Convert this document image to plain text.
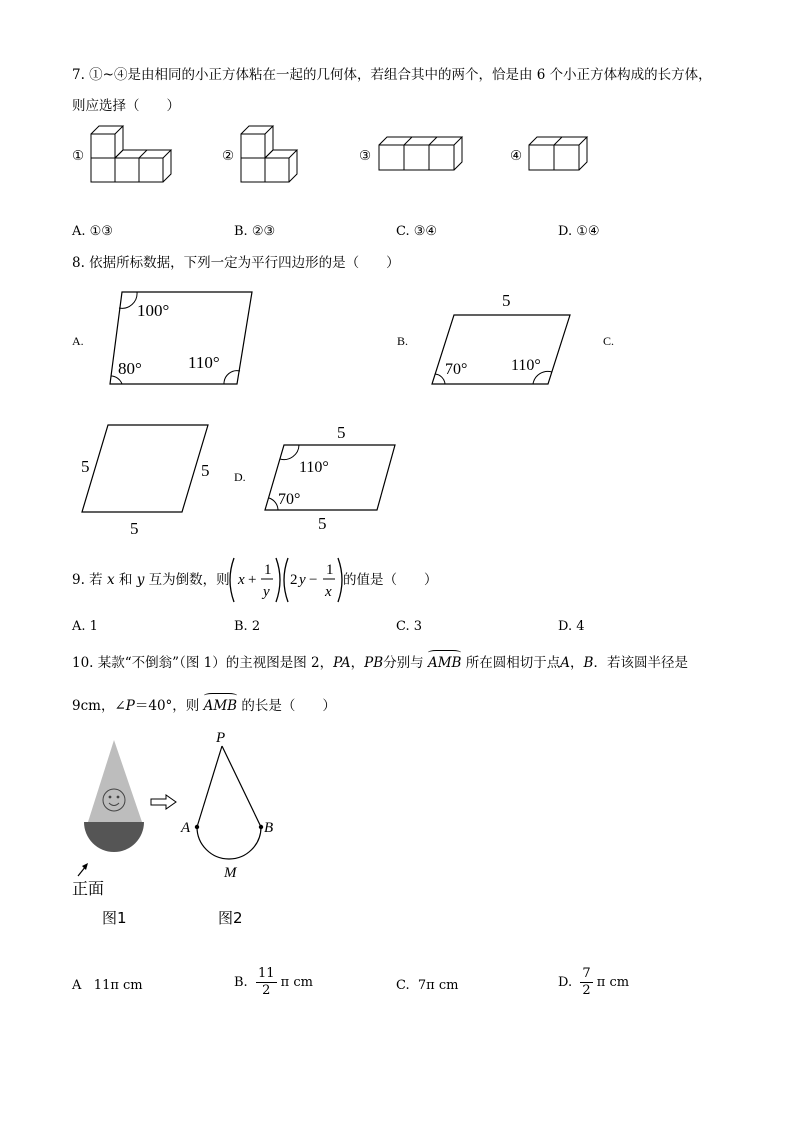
7. ①~④是由相同的小正方体粘在一起的几何体，若组合其中的两个，恰是由 6 个小正方体构成的长方体，
则应选择（　　）
①	②	③	④
A. ①③	B. ②③	C. ③④	D. ①④
8. 依据所标数据，下列一定为平行四边形的是（　　）
A.
100°
80°	110°
B.
5
70°	110°
C.
5	5
5
D.
5
110°
70°
5
9. 若 x 和 y 互为倒数，则 x +
1
y
2 y −
1
x
的值是（　　）
A. 1	B. 2	C. 3	D. 4
10. 某款“不倒翁”（图 1）的主视图是图 2，PA，PB分别与 AMB 所在圆相切于点A，B．若该圆半径是
9cm，∠P＝40°，则 AMB 的长是（　　）
正面
图1
P
A	B
M
图2
A 11π cm	B. $\frac{11}{2}$ π cm	C. 7π cm	D. $\frac{7}{2}$ π cm
